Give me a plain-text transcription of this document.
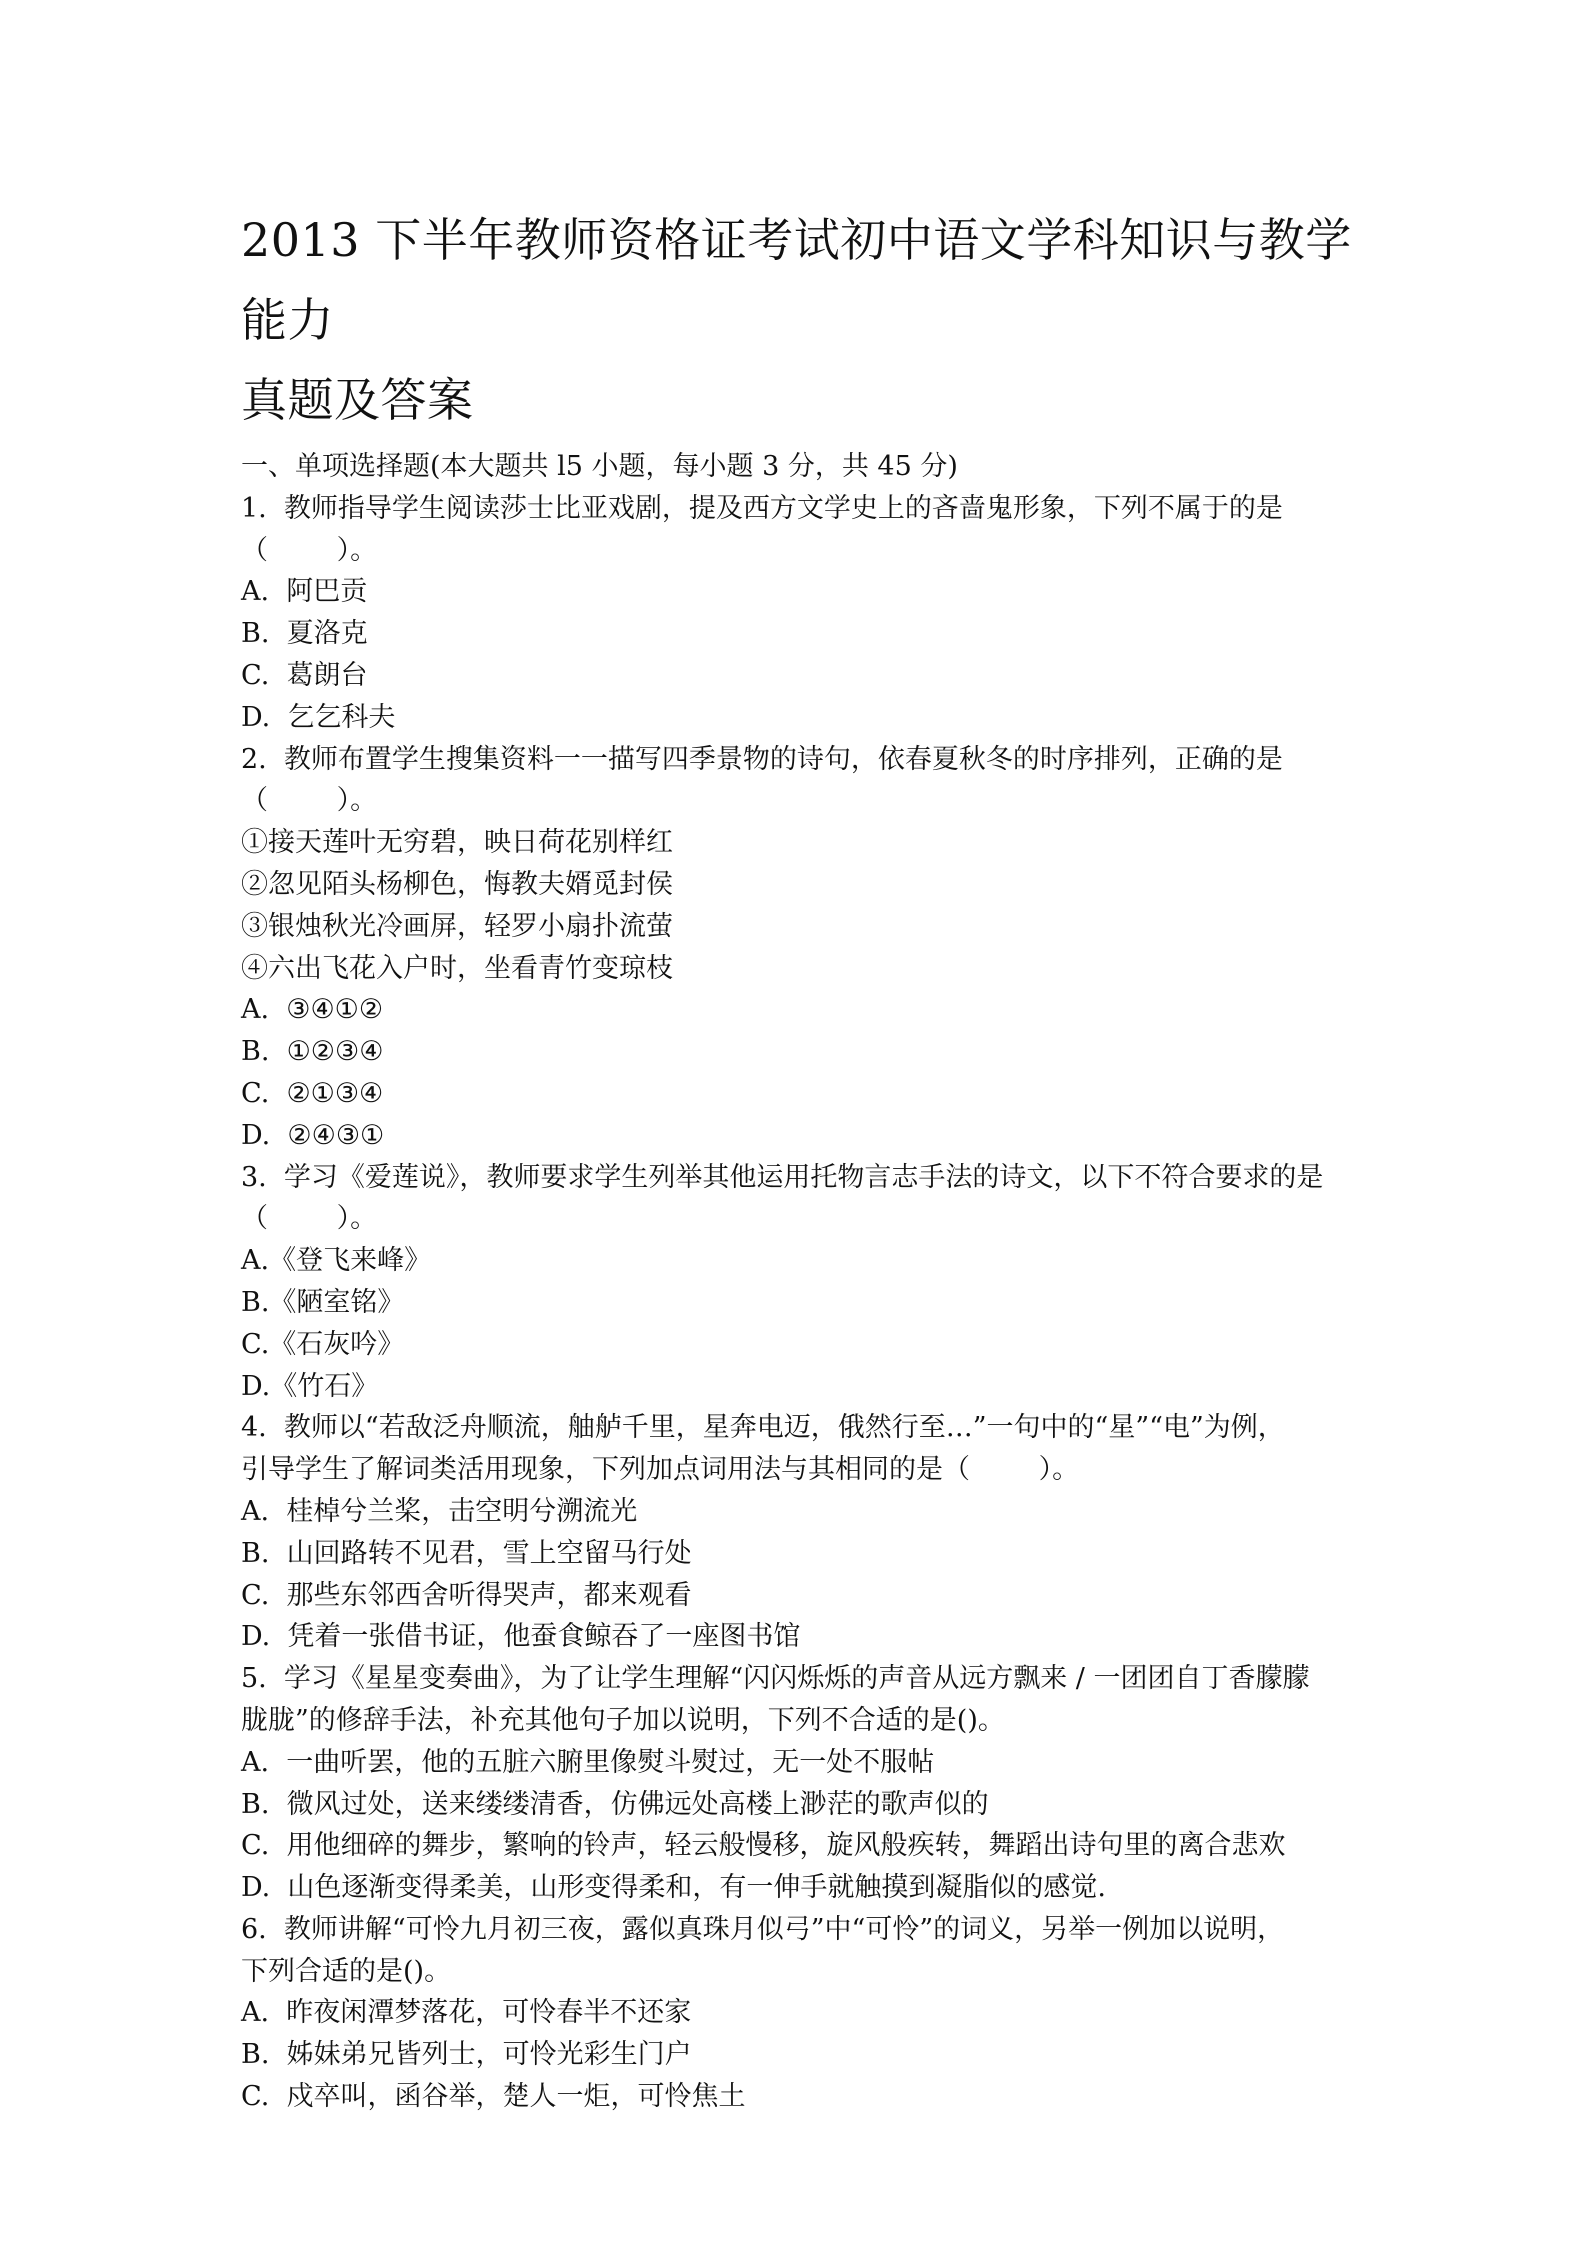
2013 下半年教师资格证考试初中语文学科知识与教学能力
真题及答案

一、单项选择题(本大题共 l5 小题，每小题 3 分，共 45 分)

1.  教师指导学生阅读莎士比亚戏剧，提及西方文学史上的吝啬鬼形象，下列不属于的是

（        ）。

A.  阿巴贡

B.  夏洛克

C.  葛朗台

D.  乞乞科夫

2.  教师布置学生搜集资料一一描写四季景物的诗句，依春夏秋冬的时序排列，正确的是

（        ）。

①接天莲叶无穷碧，映日荷花别样红

②忽见陌头杨柳色，悔教夫婿觅封侯

③银烛秋光冷画屏，轻罗小扇扑流萤

④六出飞花入户时，坐看青竹变琼枝

A.  ③④①②

B.  ①②③④

C.  ②①③④

D.  ②④③①

3.  学习《爱莲说》，教师要求学生列举其他运用托物言志手法的诗文，以下不符合要求的是

（        ）。

A.《登飞来峰》

B.《陋室铭》

C.《石灰吟》

D.《竹石》

4.  教师以“若敌泛舟顺流，舳舻千里，星奔电迈，俄然行至…”一句中的“星”“电”为例，

引导学生了解词类活用现象，下列加点词用法与其相同的是（        ）。

A.  桂棹兮兰桨，击空明兮溯流光

B.  山回路转不见君，雪上空留马行处

C.  那些东邻西舍听得哭声，都来观看

D.  凭着一张借书证，他蚕食鲸吞了一座图书馆

5.  学习《星星变奏曲》，为了让学生理解“闪闪烁烁的声音从远方飘来 / 一团团自丁香朦朦

胧胧”的修辞手法，补充其他句子加以说明，下列不合适的是()。

A.  一曲听罢，他的五脏六腑里像熨斗熨过，无一处不服帖

B.  微风过处，送来缕缕清香，仿佛远处高楼上渺茫的歌声似的

C.  用他细碎的舞步，繁响的铃声，轻云般慢移，旋风般疾转，舞蹈出诗句里的离合悲欢

D.  山色逐渐变得柔美，山形变得柔和，有一伸手就触摸到凝脂似的感觉.

6.  教师讲解“可怜九月初三夜，露似真珠月似弓”中“可怜”的词义，另举一例加以说明，

下列合适的是()。

A.  昨夜闲潭梦落花，可怜春半不还家

B.  姊妹弟兄皆列士，可怜光彩生门户

C.  戍卒叫，函谷举，楚人一炬，可怜焦土
